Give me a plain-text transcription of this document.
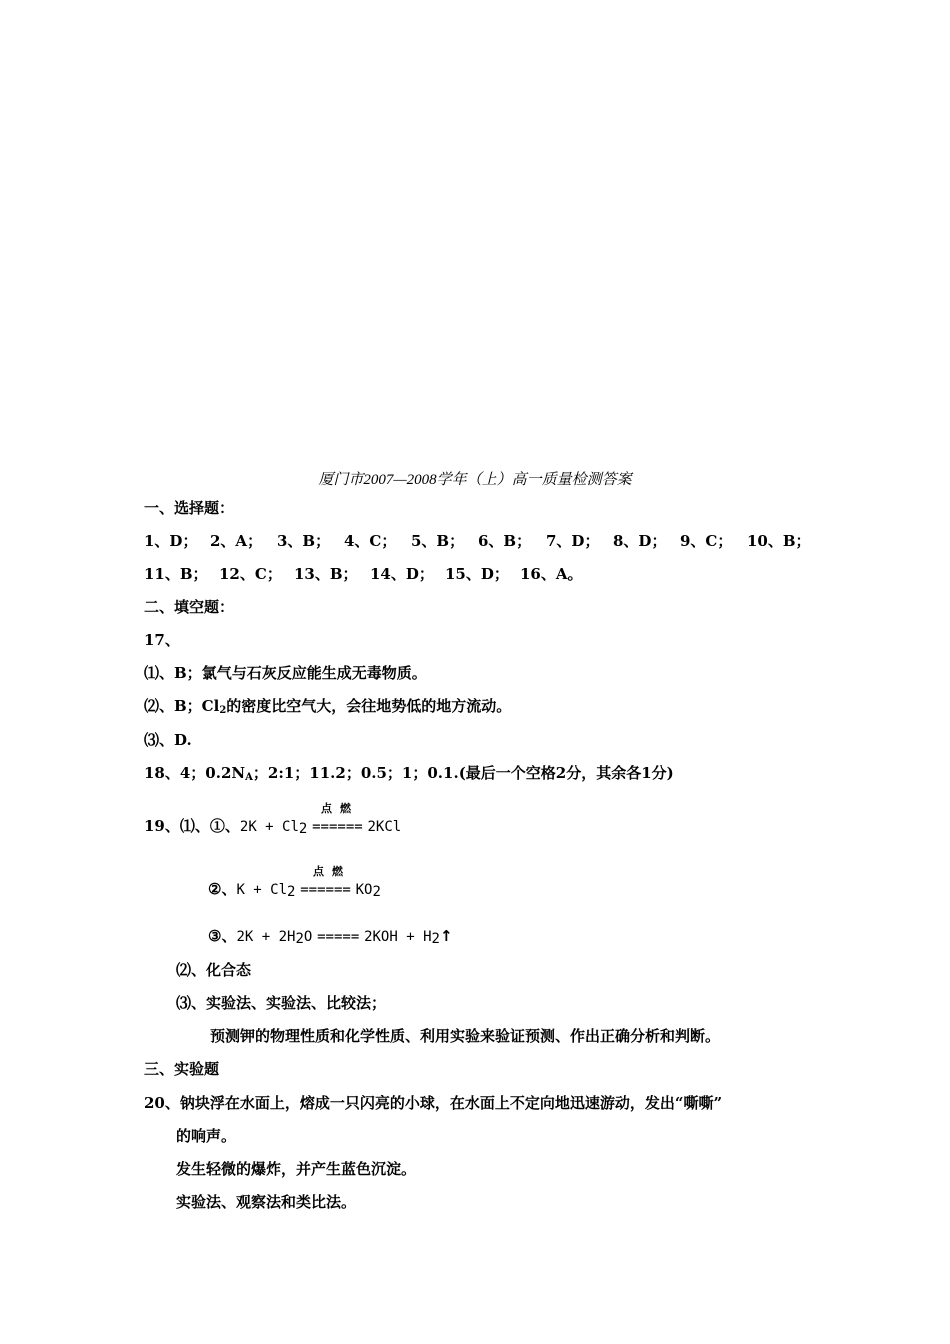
厦门市2007—2008学年（上）高一质量检测答案
一、选择题：
1、D； 2、A； 3、B； 4、C； 5、B； 6、B； 7、D； 8、D； 9、C； 10、B；
11、B； 12、C； 13、B； 14、D； 15、D； 16、A。
二、填空题：
17、
⑴、B；氯气与石灰反应能生成无毒物质。
⑵、B；$Cl_2$的密度比空气大，会往地势低的地方流动。
⑶、D.
18、4；$0.2N_A$；2:1；11.2；0.5；1；0.1.(最后一个空格2分，其余各1分)
点燃
19、⑴、①、$2K + Cl_2$ ====== 2KCl
点燃
②、$K + Cl_2$ ====== $KO_2$
③、$2K + 2H_2O$ ===== $2KOH + H_2↑$
⑵、化合态
⑶、实验法、实验法、比较法；
预测钾的物理性质和化学性质、利用实验来验证预测、作出正确分析和判断。
三、实验题
20、钠块浮在水面上，熔成一只闪亮的小球，在水面上不定向地迅速游动，发出“嘶嘶”
的响声。
发生轻微的爆炸，并产生蓝色沉淀。
实验法、观察法和类比法。
